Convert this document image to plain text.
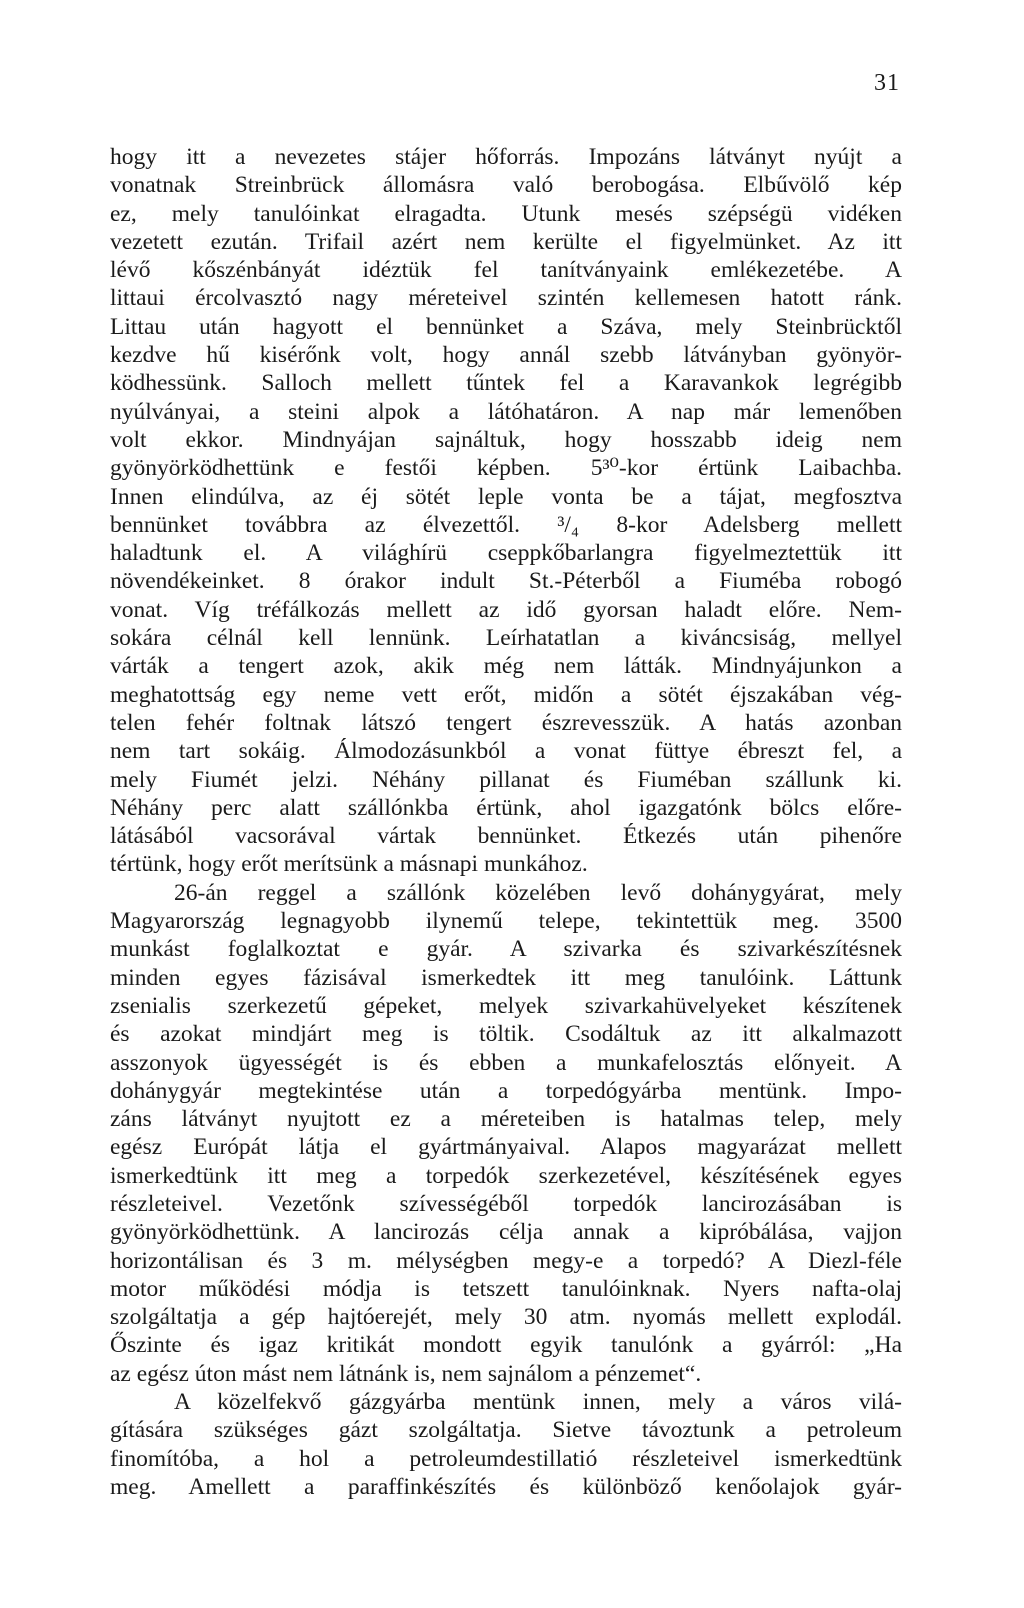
31
hogy itt a nevezetes stájer hőforrás. Impozáns látványt nyújt a
vonatnak Streinbrück állomásra való berobogása. Elbűvölő kép
ez, mely tanulóinkat elragadta. Utunk mesés szépségü vidéken
vezetett ezután. Trifail azért nem kerülte el figyelmünket. Az itt
lévő kőszénbányát idéztük fel tanítványaink emlékezetébe. A
littaui ércolvasztó nagy méreteivel szintén kellemesen hatott ránk.
Littau után hagyott el bennünket a Száva, mely Steinbrücktől
kezdve hű kisérőnk volt, hogy annál szebb látványban gyönyör-
ködhessünk. Salloch mellett tűntek fel a Karavankok legrégibb
nyúlványai, a steini alpok a látóhatáron. A nap már lemenőben
volt ekkor. Mindnyájan sajnáltuk, hogy hosszabb ideig nem
gyönyörködhettünk e festői képben. 5³⁰-kor értünk Laibachba.
Innen elindúlva, az éj sötét leple vonta be a tájat, megfosztva
bennünket továbbra az élvezettől. ³/₄ 8-kor Adelsberg mellett
haladtunk el. A világhírü cseppkőbarlangra figyelmeztettük itt
növendékeinket. 8 órakor indult St.-Péterből a Fiuméba robogó
vonat. Víg tréfálkozás mellett az idő gyorsan haladt előre. Nem-
sokára célnál kell lennünk. Leírhatatlan a kiváncsiság, mellyel
várták a tengert azok, akik még nem látták. Mindnyájunkon a
meghatottság egy neme vett erőt, midőn a sötét éjszakában vég-
telen fehér foltnak látszó tengert észrevesszük. A hatás azonban
nem tart sokáig. Álmodozásunkból a vonat füttye ébreszt fel, a
mely Fiumét jelzi. Néhány pillanat és Fiuméban szállunk ki.
Néhány perc alatt szállónkba értünk, ahol igazgatónk bölcs előre-
látásából vacsorával vártak bennünket. Étkezés után pihenőre
tértünk, hogy erőt merítsünk a másnapi munkához.
26-án reggel a szállónk közelében levő dohánygyárat, mely
Magyarország legnagyobb ilynemű telepe, tekintettük meg. 3500
munkást foglalkoztat e gyár. A szivarka és szivarkészítésnek
minden egyes fázisával ismerkedtek itt meg tanulóink. Láttunk
zsenialis szerkezetű gépeket, melyek szivarkahüvelyeket készítenek
és azokat mindjárt meg is töltik. Csodáltuk az itt alkalmazott
asszonyok ügyességét is és ebben a munkafelosztás előnyeit. A
dohánygyár megtekintése után a torpedógyárba mentünk. Impo-
záns látványt nyujtott ez a méreteiben is hatalmas telep, mely
egész Európát látja el gyártmányaival. Alapos magyarázat mellett
ismerkedtünk itt meg a torpedók szerkezetével, készítésének egyes
részleteivel. Vezetőnk szívességéből torpedók lancirozásában is
gyönyörködhettünk. A lancirozás célja annak a kipróbálása, vajjon
horizontálisan és 3 m. mélységben megy-e a torpedó? A Diezl-féle
motor működési módja is tetszett tanulóinknak. Nyers nafta-olaj
szolgáltatja a gép hajtóerejét, mely 30 atm. nyomás mellett explodál.
Őszinte és igaz kritikát mondott egyik tanulónk a gyárról: „Ha
az egész úton mást nem látnánk is, nem sajnálom a pénzemet“.
A közelfekvő gázgyárba mentünk innen, mely a város vilá-
gítására szükséges gázt szolgáltatja. Sietve távoztunk a petroleum
finomítóba, a hol a petroleumdestillatió részleteivel ismerkedtünk
meg. Amellett a paraffinkészítés és különböző kenőolajok gyár-
